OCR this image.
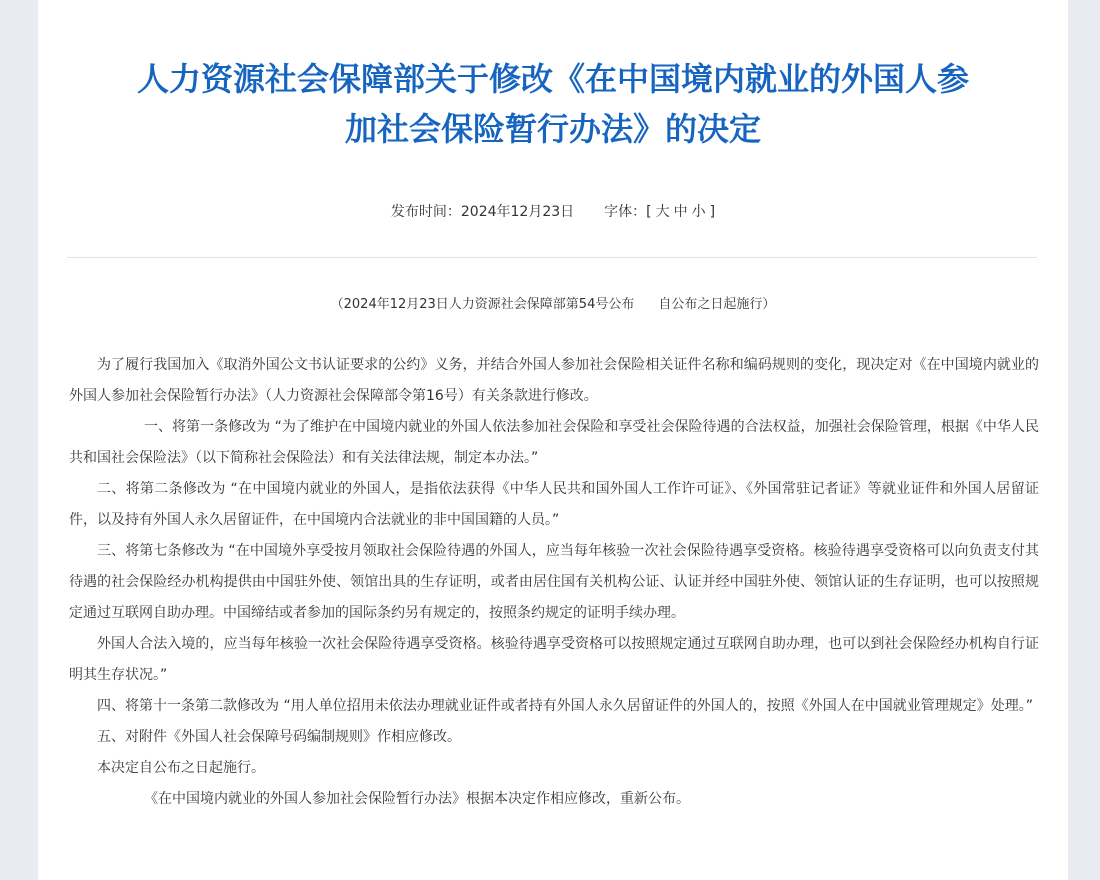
人力资源社会保障部关于修改《在中国境内就业的外国人参
加社会保险暂行办法》的决定
发布时间：2024年12月23日 字体：[ 大 中 小 ]
（2024年12月23日人力资源社会保障部第54号公布 自公布之日起施行）

为了履行我国加入《取消外国公文书认证要求的公约》义务，并结合外国人参加社会保险相关证件名称和编码规则的变化，现决定对《在中国境内就业的外国人参加社会保险暂行办法》（人力资源社会保障部令第16号）有关条款进行修改。

一、将第一条修改为 “为了维护在中国境内就业的外国人依法参加社会保险和享受社会保险待遇的合法权益，加强社会保险管理，根据《中华人民共和国社会保险法》（以下简称社会保险法）和有关法律法规，制定本办法。”

二、将第二条修改为 “在中国境内就业的外国人，是指依法获得《中华人民共和国外国人工作许可证》、《外国常驻记者证》等就业证件和外国人居留证件，以及持有外国人永久居留证件，在中国境内合法就业的非中国国籍的人员。”

三、将第七条修改为 “在中国境外享受按月领取社会保险待遇的外国人，应当每年核验一次社会保险待遇享受资格。核验待遇享受资格可以向负责支付其待遇的社会保险经办机构提供由中国驻外使、领馆出具的生存证明，或者由居住国有关机构公证、认证并经中国驻外使、领馆认证的生存证明，也可以按照规定通过互联网自助办理。中国缔结或者参加的国际条约另有规定的，按照条约规定的证明手续办理。

外国人合法入境的，应当每年核验一次社会保险待遇享受资格。核验待遇享受资格可以按照规定通过互联网自助办理，也可以到社会保险经办机构自行证明其生存状况。”

四、将第十一条第二款修改为 “用人单位招用未依法办理就业证件或者持有外国人永久居留证件的外国人的，按照《外国人在中国就业管理规定》处理。”

五、对附件《外国人社会保障号码编制规则》作相应修改。

本决定自公布之日起施行。

《在中国境内就业的外国人参加社会保险暂行办法》根据本决定作相应修改，重新公布。
